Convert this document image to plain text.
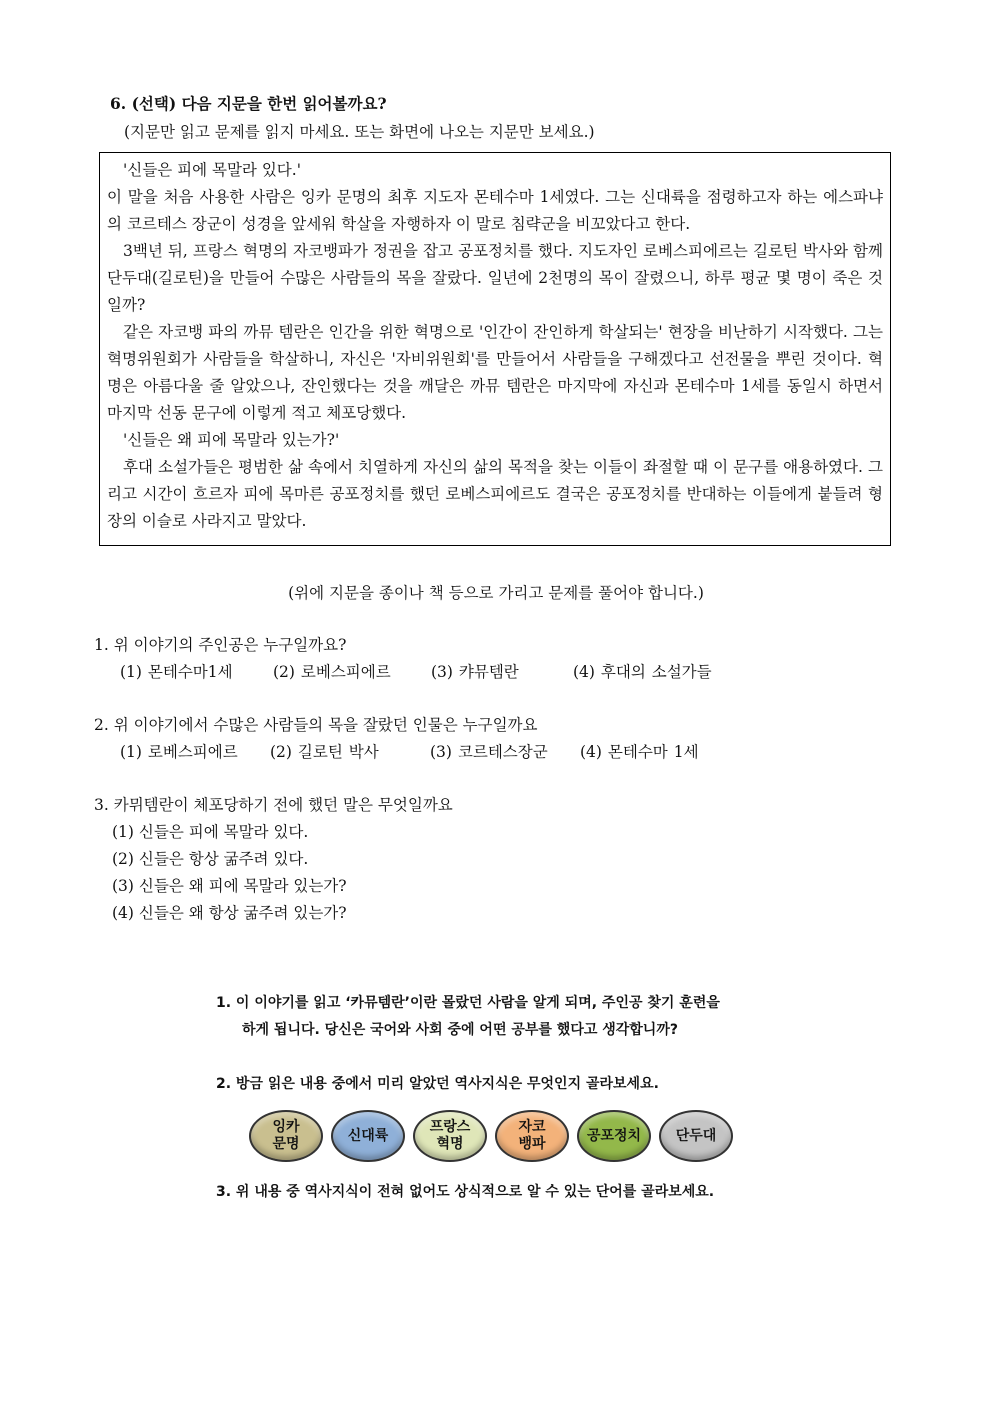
6. (선택) 다음 지문을 한번 읽어볼까요?
(지문만 읽고 문제를 읽지 마세요. 또는 화면에 나오는 지문만 보세요.)

'신들은 피에 목말라 있다.'

이 말을 처음 사용한 사람은 잉카 문명의 최후 지도자 몬테수마 1세였다. 그는 신대륙을 점령하고자 하는 에스파냐의 코르테스 장군이 성경을 앞세워 학살을 자행하자 이 말로 침략군을 비꼬았다고 한다.

3백년 뒤, 프랑스 혁명의 자코뱅파가 정권을 잡고 공포정치를 했다. 지도자인 로베스피에르는 길로틴 박사와 함께 단두대(길로틴)을 만들어 수많은 사람들의 목을 잘랐다. 일년에 2천명의 목이 잘렸으니, 하루 평균 몇 명이 죽은 것일까?

같은 자코뱅 파의 까뮤 템란은 인간을 위한 혁명으로 '인간이 잔인하게 학살되는' 현장을 비난하기 시작했다. 그는 혁명위원회가 사람들을 학살하니, 자신은 '자비위원회'를 만들어서 사람들을 구해겠다고 선전물을 뿌린 것이다. 혁명은 아름다울 줄 알았으나, 잔인했다는 것을 깨달은 까뮤 템란은 마지막에 자신과 몬테수마 1세를 동일시 하면서 마지막 선동 문구에 이렇게 적고 체포당했다.

'신들은 왜 피에 목말라 있는가?'

후대 소설가들은 평범한 삶 속에서 치열하게 자신의 삶의 목적을 찾는 이들이 좌절할 때 이 문구를 애용하였다. 그리고 시간이 흐르자 피에 목마른 공포정치를 했던 로베스피에르도 결국은 공포정치를 반대하는 이들에게 붙들려 형장의 이슬로 사라지고 말았다.

(위에 지문을 종이나 책 등으로 가리고 문제를 풀어야 합니다.)
1. 위 이야기의 주인공은 누구일까요?
(1) 몬테수마1세	(2) 로베스피에르	(3) 캬뮤템란	(4) 후대의 소설가들
2. 위 이야기에서 수많은 사람들의 목을 잘랐던 인물은 누구일까요
(1) 로베스피에르 (2) 길로틴 박사	(3) 코르테스장군 (4) 몬테수마 1세
3. 카뮈템란이 체포당하기 전에 했던 말은 무엇일까요
(1) 신들은 피에 목말라 있다.
(2) 신들은 항상 굶주려 있다.
(3) 신들은 왜 피에 목말라 있는가?
(4) 신들은 왜 항상 굶주려 있는가?
1. 이 이야기를 읽고 ‘카뮤템란’이란 몰랐던 사람을 알게 되며, 주인공 찾기 훈련을
하게 됩니다. 당신은 국어와 사회 중에 어떤 공부를 했다고 생각합니까?
2. 방금 읽은 내용 중에서 미리 알았던 역사지식은 무엇인지 골라보세요.
잉카
문명
신대륙
프랑스
혁명
자코
뱅파
공포정치	단두대
3. 위 내용 중 역사지식이 전혀 없어도 상식적으로 알 수 있는 단어를 골라보세요.
